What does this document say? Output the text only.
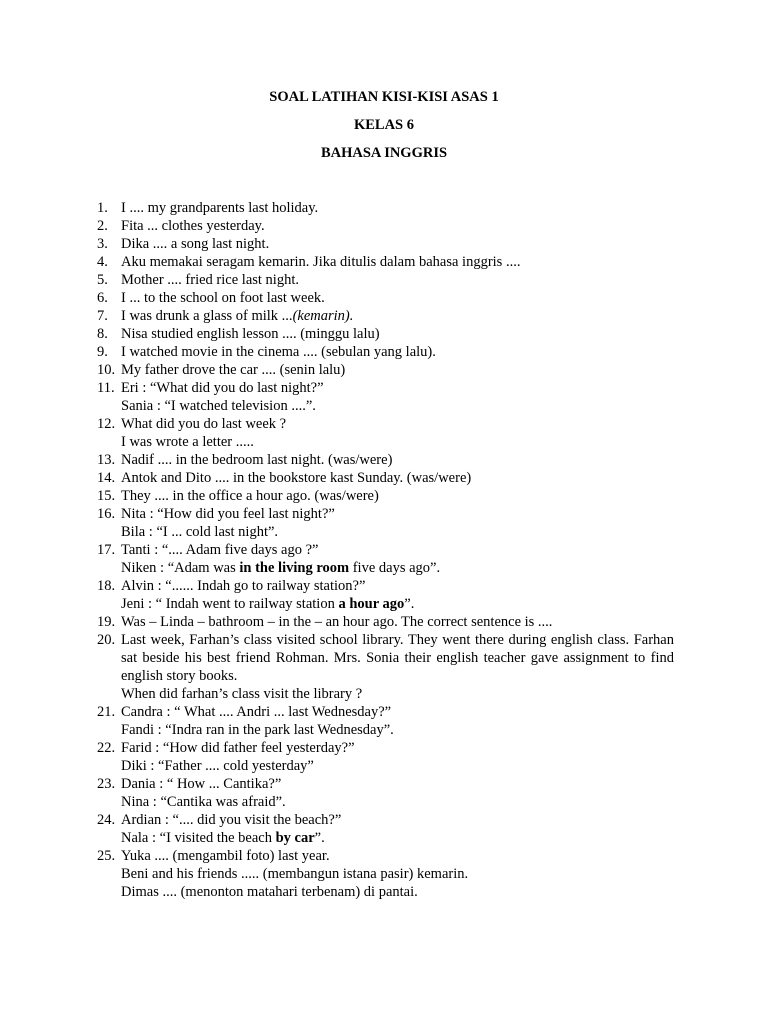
SOAL LATIHAN KISI-KISI ASAS 1
KELAS 6
BAHASA INGGRIS
1. I .... my grandparents last holiday.
2. Fita ... clothes yesterday.
3. Dika .... a song last night.
4. Aku memakai seragam kemarin. Jika ditulis dalam bahasa inggris ....
5. Mother .... fried rice last night.
6. I ... to the school on foot last week.
7. I was drunk a glass of milk ...(kemarin).
8. Nisa studied english lesson .... (minggu lalu)
9. I watched movie in the cinema .... (sebulan yang lalu).
10. My father drove the car .... (senin lalu)
11. Eri : “What did you do last night?”
Sania : “I watched television ....”.
12. What did you do last week ?
I was wrote a letter .....
13. Nadif .... in the bedroom last night. (was/were)
14. Antok and Dito .... in the bookstore kast Sunday. (was/were)
15. They .... in the office a hour ago. (was/were)
16. Nita : “How did you feel last night?”
Bila : “I ... cold last night”.
17. Tanti : “.... Adam five days ago ?”
Niken : “Adam was in the living room five days ago”.
18. Alvin : “...... Indah go to railway station?”
Jeni : “ Indah went to railway station a hour ago”.
19. Was – Linda – bathroom – in the – an hour ago. The correct sentence is ....
20. Last week, Farhan’s class visited school library. They went there during english class. Farhan sat beside his best friend Rohman. Mrs. Sonia their english teacher gave assignment to find english story books.
When did farhan’s class visit the library ?
21. Candra : “ What .... Andri ... last Wednesday?”
Fandi : “Indra ran in the park last Wednesday”.
22. Farid : “How did father feel yesterday?”
Diki : “Father .... cold yesterday”
23. Dania : “ How ... Cantika?”
Nina : “Cantika was afraid”.
24. Ardian : “.... did you visit the beach?”
Nala : “I visited the beach by car”.
25. Yuka .... (mengambil foto) last year.
Beni and his friends ..... (membangun istana pasir) kemarin.
Dimas .... (menonton matahari terbenam) di pantai.
